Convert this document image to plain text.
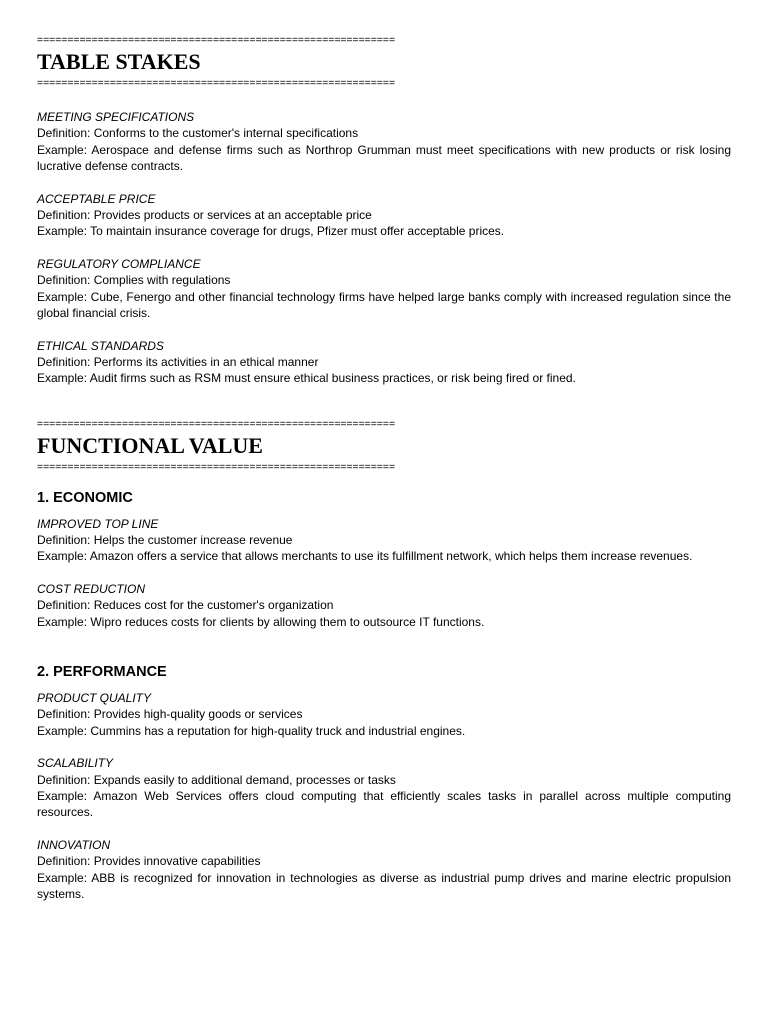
===========================================================
TABLE STAKES
===========================================================
MEETING SPECIFICATIONS

Definition: Conforms to the customer's internal specifications

Example: Aerospace and defense firms such as Northrop Grumman must meet specifications with new products or risk losing lucrative defense contracts.

ACCEPTABLE PRICE

Definition: Provides products or services at an acceptable price

Example: To maintain insurance coverage for drugs, Pfizer must offer acceptable prices.

REGULATORY COMPLIANCE

Definition: Complies with regulations

Example: Cube, Fenergo and other financial technology firms have helped large banks comply with increased regulation since the global financial crisis.

ETHICAL STANDARDS

Definition: Performs its activities in an ethical manner

Example: Audit firms such as RSM must ensure ethical business practices, or risk being fired or fined.

===========================================================
FUNCTIONAL VALUE
===========================================================
1. ECONOMIC
IMPROVED TOP LINE

Definition: Helps the customer increase revenue

Example: Amazon offers a service that allows merchants to use its fulfillment network, which helps them increase revenues.

COST REDUCTION

Definition: Reduces cost for the customer's organization

Example: Wipro reduces costs for clients by allowing them to outsource IT functions.

2. PERFORMANCE
PRODUCT QUALITY

Definition: Provides high-quality goods or services

Example: Cummins has a reputation for high-quality truck and industrial engines.

SCALABILITY

Definition: Expands easily to additional demand, processes or tasks

Example: Amazon Web Services offers cloud computing that efficiently scales tasks in parallel across multiple computing resources.

INNOVATION

Definition: Provides innovative capabilities

Example: ABB is recognized for innovation in technologies as diverse as industrial pump drives and marine electric propulsion systems.
